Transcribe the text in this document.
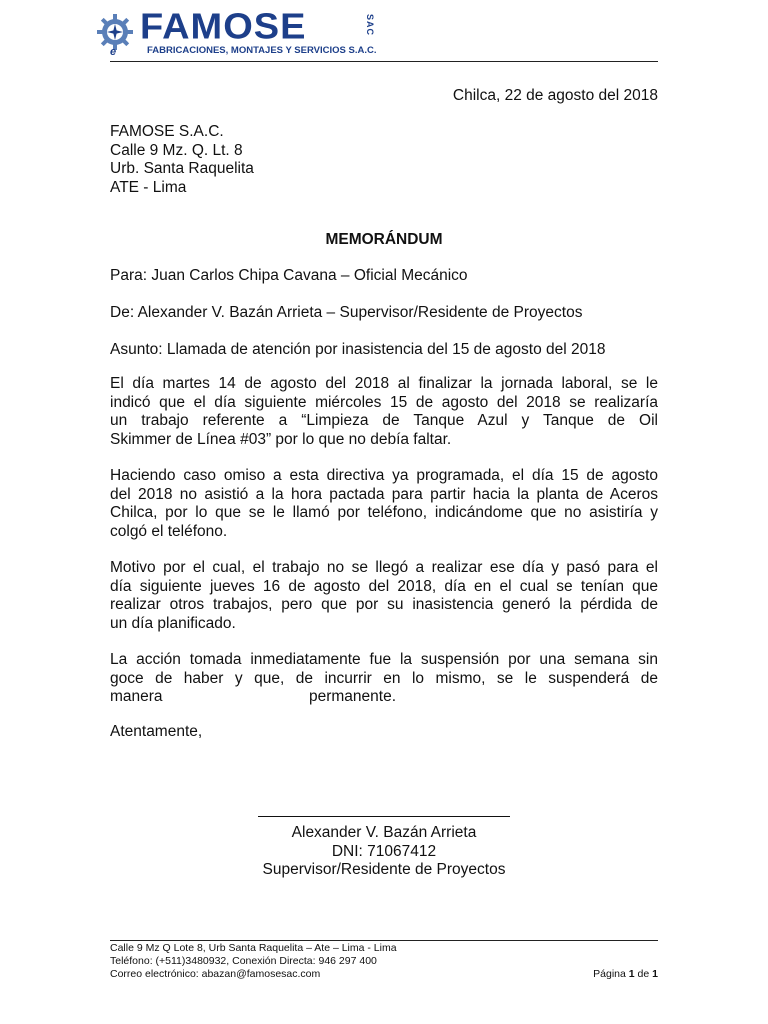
e
FAMOSE	SAC
FABRICACIONES, MONTAJES Y SERVICIOS S.A.C.
Chilca, 22 de agosto del 2018
FAMOSE S.A.C.
Calle 9 Mz. Q. Lt. 8
Urb. Santa Raquelita
ATE - Lima
MEMORÁNDUM
Para: Juan Carlos Chipa Cavana – Oficial Mecánico
De: Alexander V. Bazán Arrieta – Supervisor/Residente de Proyectos
Asunto: Llamada de atención por inasistencia del 15 de agosto del 2018
El día martes 14 de agosto del 2018 al finalizar la jornada laboral, se le
indicó que el día siguiente miércoles 15 de agosto del 2018 se realizaría
un trabajo referente a “Limpieza de Tanque Azul y Tanque de Oil
Skimmer de Línea #03” por lo que no debía faltar.
Haciendo caso omiso a esta directiva ya programada, el día 15 de agosto
del 2018 no asistió a la hora pactada para partir hacia la planta de Aceros
Chilca, por lo que se le llamó por teléfono, indicándome que no asistiría y
colgó el teléfono.
Motivo por el cual, el trabajo no se llegó a realizar ese día y pasó para el
día siguiente jueves 16 de agosto del 2018, día en el cual se tenían que
realizar otros trabajos, pero que por su inasistencia generó la pérdida de
un día planificado.
La acción tomada inmediatamente fue la suspensión por una semana sin
goce de haber y que, de incurrir en lo mismo, se le suspenderá de
manera                                  permanente.
Atentamente,
Alexander V. Bazán Arrieta
DNI: 71067412
Supervisor/Residente de Proyectos
Calle 9 Mz Q Lote 8, Urb Santa Raquelita – Ate – Lima - Lima
Teléfono: (+511)3480932, Conexión Directa: 946 297 400
Correo electrónico: abazan@famosesac.com	Página 1 de 1
